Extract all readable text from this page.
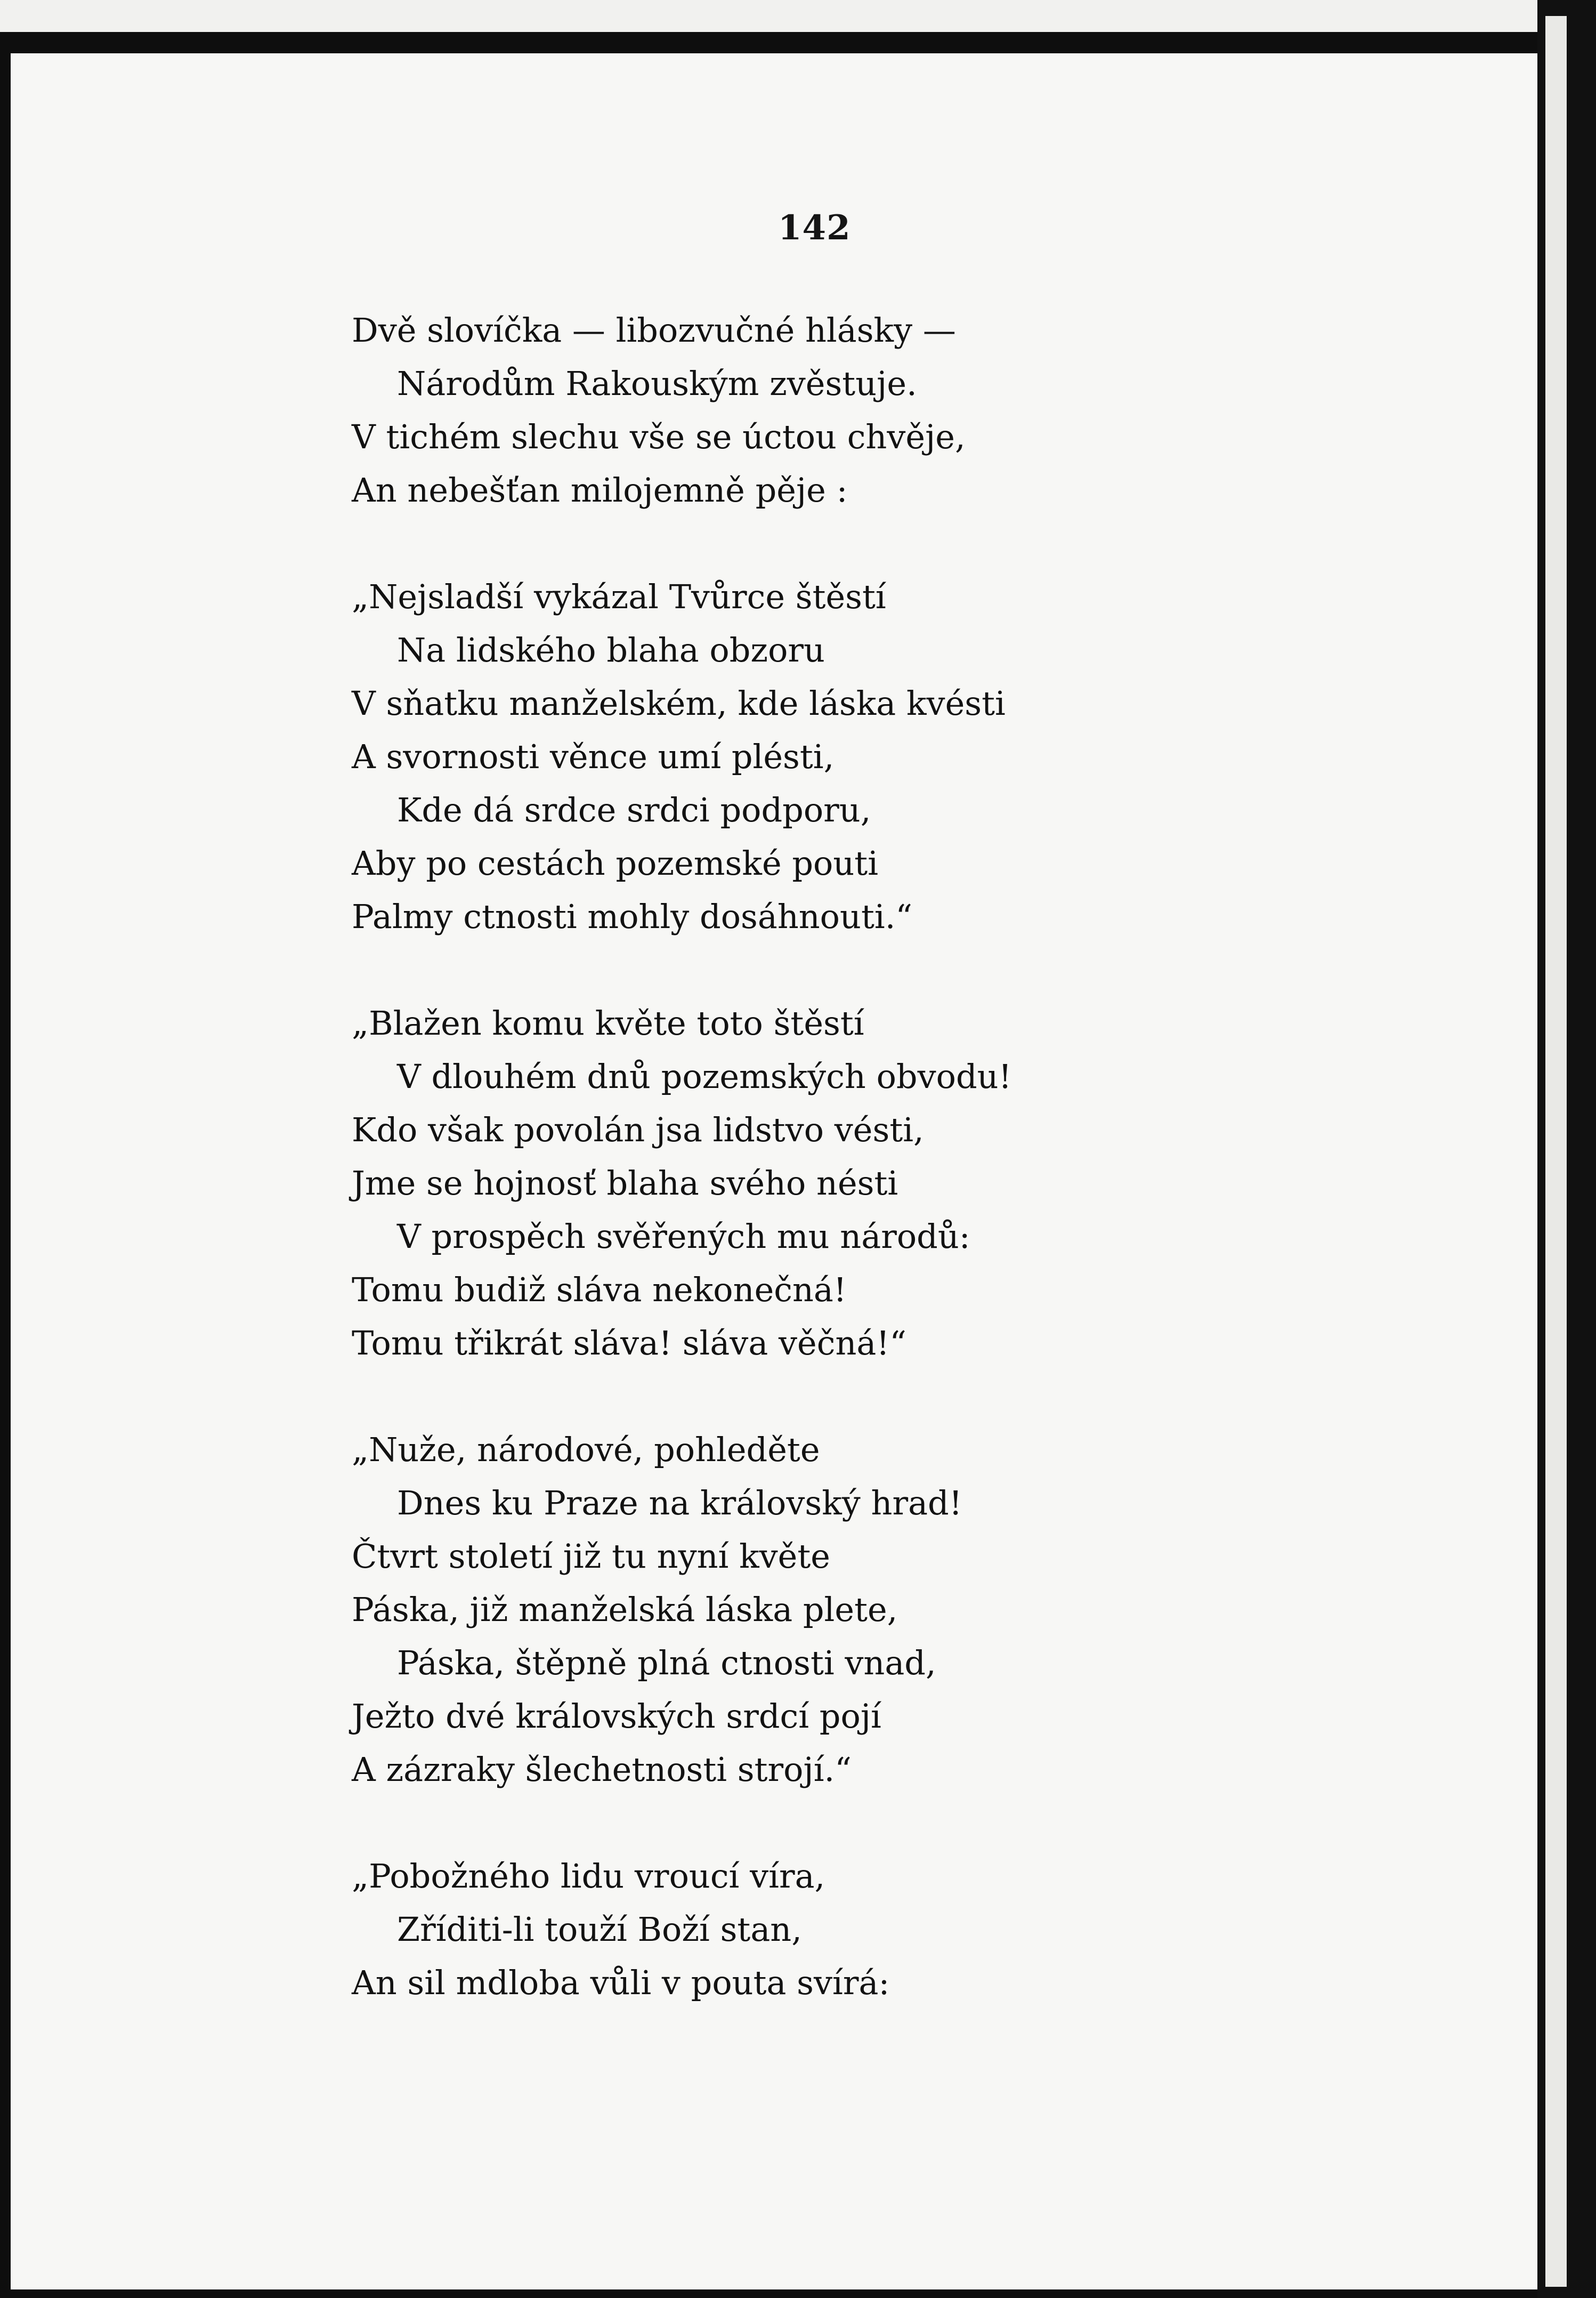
142
Dvě slovíčka — libozvučné hlásky —
Národům Rakouským zvěstuje.
V tichém slechu vše se úctou chvěje,
An nebešťan milojemně pěje :
„Nejsladší vykázal Tvůrce štěstí
Na lidského blaha obzoru
V sňatku manželském, kde láska kvésti
A svornosti věnce umí plésti,
Kde dá srdce srdci podporu,
Aby po cestách pozemské pouti
Palmy ctnosti mohly dosáhnouti.“
„Blažen komu květe toto štěstí
V dlouhém dnů pozemských obvodu!
Kdo však povolán jsa lidstvo vésti,
Jme se hojnosť blaha svého nésti
V prospěch svěřených mu národů:
Tomu budiž sláva nekonečná!
Tomu třikrát sláva! sláva věčná!“
„Nuže, národové, pohleděte
Dnes ku Praze na královský hrad!
Čtvrt století již tu nyní květe
Páska, již manželská láska plete,
Páska, štěpně plná ctnosti vnad,
Ježto dvé královských srdcí pojí
A zázraky šlechetnosti strojí.“
„Pobožného lidu vroucí víra,
Zříditi-li touží Boží stan,
An sil mdloba vůli v pouta svírá:
